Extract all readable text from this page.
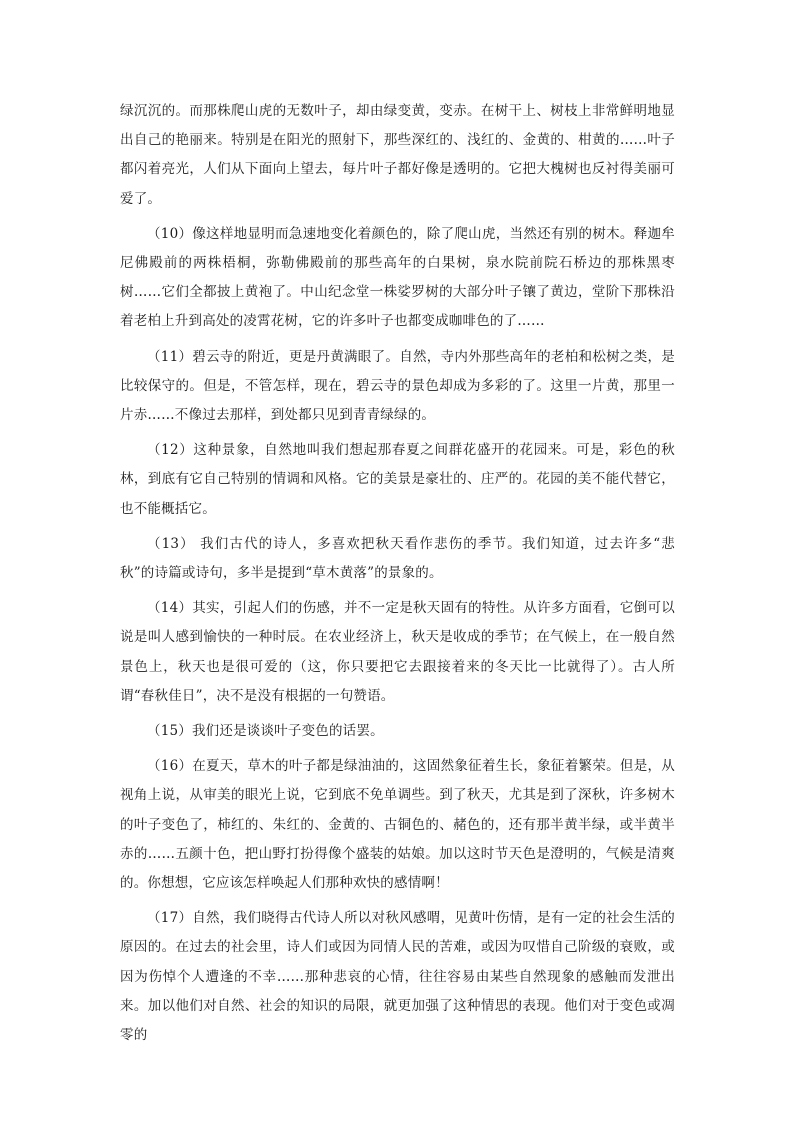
绿沉沉的。而那株爬山虎的无数叶子，却由绿变黄，变赤。在树干上、树枝上非常鲜明地显出自己的艳丽来。特别是在阳光的照射下，那些深红的、浅红的、金黄的、柑黄的……叶子都闪着亮光，人们从下面向上望去，每片叶子都好像是透明的。它把大槐树也反衬得美丽可爱了。

（10）像这样地显明而急速地变化着颜色的，除了爬山虎，当然还有别的树木。释迦牟尼佛殿前的两株梧桐，弥勒佛殿前的那些高年的白果树，泉水院前院石桥边的那株黑枣树……它们全都披上黄袍了。中山纪念堂一株娑罗树的大部分叶子镶了黄边，堂阶下那株沿着老柏上升到高处的凌霄花树，它的许多叶子也都变成咖啡色的了……

（11）碧云寺的附近，更是丹黄满眼了。自然，寺内外那些高年的老柏和松树之类，是比较保守的。但是，不管怎样，现在，碧云寺的景色却成为多彩的了。这里一片黄，那里一片赤……不像过去那样，到处都只见到青青绿绿的。

（12）这种景象，自然地叫我们想起那春夏之间群花盛开的花园来。可是，彩色的秋林，到底有它自己特别的情调和风格。它的美景是豪壮的、庄严的。花园的美不能代替它，也不能概括它。

（13） 我们古代的诗人，多喜欢把秋天看作悲伤的季节。我们知道，过去许多“悲秋”的诗篇或诗句，多半是提到“草木黄落”的景象的。

（14）其实，引起人们的伤感，并不一定是秋天固有的特性。从许多方面看，它倒可以说是叫人感到愉快的一种时辰。在农业经济上，秋天是收成的季节；在气候上，在一般自然景色上，秋天也是很可爱的（这，你只要把它去跟接着来的冬天比一比就得了）。古人所谓“春秋佳日”，决不是没有根据的一句赞语。

（15）我们还是谈谈叶子变色的话罢。

（16）在夏天，草木的叶子都是绿油油的，这固然象征着生长，象征着繁荣。但是，从视角上说，从审美的眼光上说，它到底不免单调些。到了秋天，尤其是到了深秋，许多树木的叶子变色了，柿红的、朱红的、金黄的、古铜色的、赭色的，还有那半黄半绿，或半黄半赤的……五颜十色，把山野打扮得像个盛装的姑娘。加以这时节天色是澄明的，气候是清爽的。你想想，它应该怎样唤起人们那种欢快的感情啊！

（17）自然，我们晓得古代诗人所以对秋风感喟，见黄叶伤情，是有一定的社会生活的原因的。在过去的社会里，诗人们或因为同情人民的苦难，或因为叹惜自己阶级的衰败，或因为伤悼个人遭逢的不幸……那种悲哀的心情，往往容易由某些自然现象的感触而发泄出来。加以他们对自然、社会的知识的局限，就更加强了这种情思的表现。他们对于变色或凋零的
